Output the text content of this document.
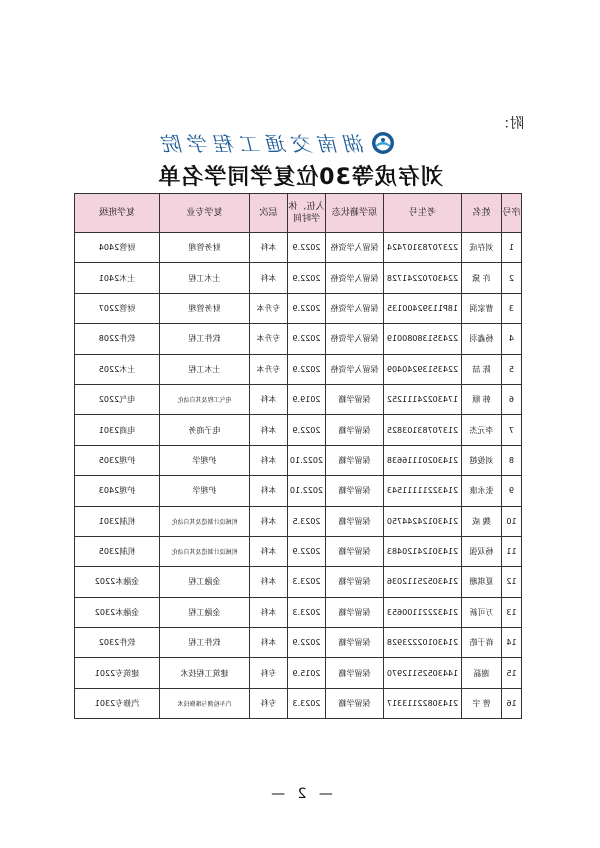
附：
湖南交通工程学院
刘存成等30位复学同学名单
序号	姓名	考生号	原学籍状态	入伍、休学时间	层次	复学专业	复学班级
1	刘存成	22370783107424	保留入学资格	2022.9	本科	财务管理	财管2404
2	许 黛	22430702241728	保留入学资格	2022.9	本科	土木工程	土木2401
3	曹家润	18P11392400135	保留入学资格	2022.9	专升本	财务管理	财管2207
4	杨鑫羽	22435138080019	保留入学资格	2022.9	专升本	软件工程	软件2208
5	陈 喆	22435139240409	保留入学资格	2022.9	专升本	土木工程	土木2205
6	韩 顺	17430224111252	保留学籍	2019.9	本科	电气工程及其自动化	电气2202
7	李元杰	21370783103825	保留学籍	2022.9	本科	电子商务	电商2301
8	刘俊越	21430201116638	保留学籍	2022.10	本科	护理学	护理2305
9	张永康	21432211111543	保留学籍	2022.10	本科	护理学	护理2403
10	魏 威	21430124244750	保留学籍	2023.5	本科	机械设计制造及其自动化	机制2301
11	杨双强	21430124120483	保留学籍	2022.9	本科	机械设计制造及其自动化	机制2305
12	夏琪珊	21430525112036	保留学籍	2023.3	本科	金融工程	金融本2202
13	万可新	21432221100653	保留学籍	2023.3	本科	金融工程	金融本2302
14	蒋于皓	21430102223928	保留学籍	2022.9	本科	软件工程	软件2302
15	谢磊	14430525112970	保留学籍	2015.9	专科	建筑工程技术	建筑专2201
16	曾 宇	21430822113317	保留学籍	2023.3	专科	汽车检测与维修技术	汽修专2301
— 2 —
